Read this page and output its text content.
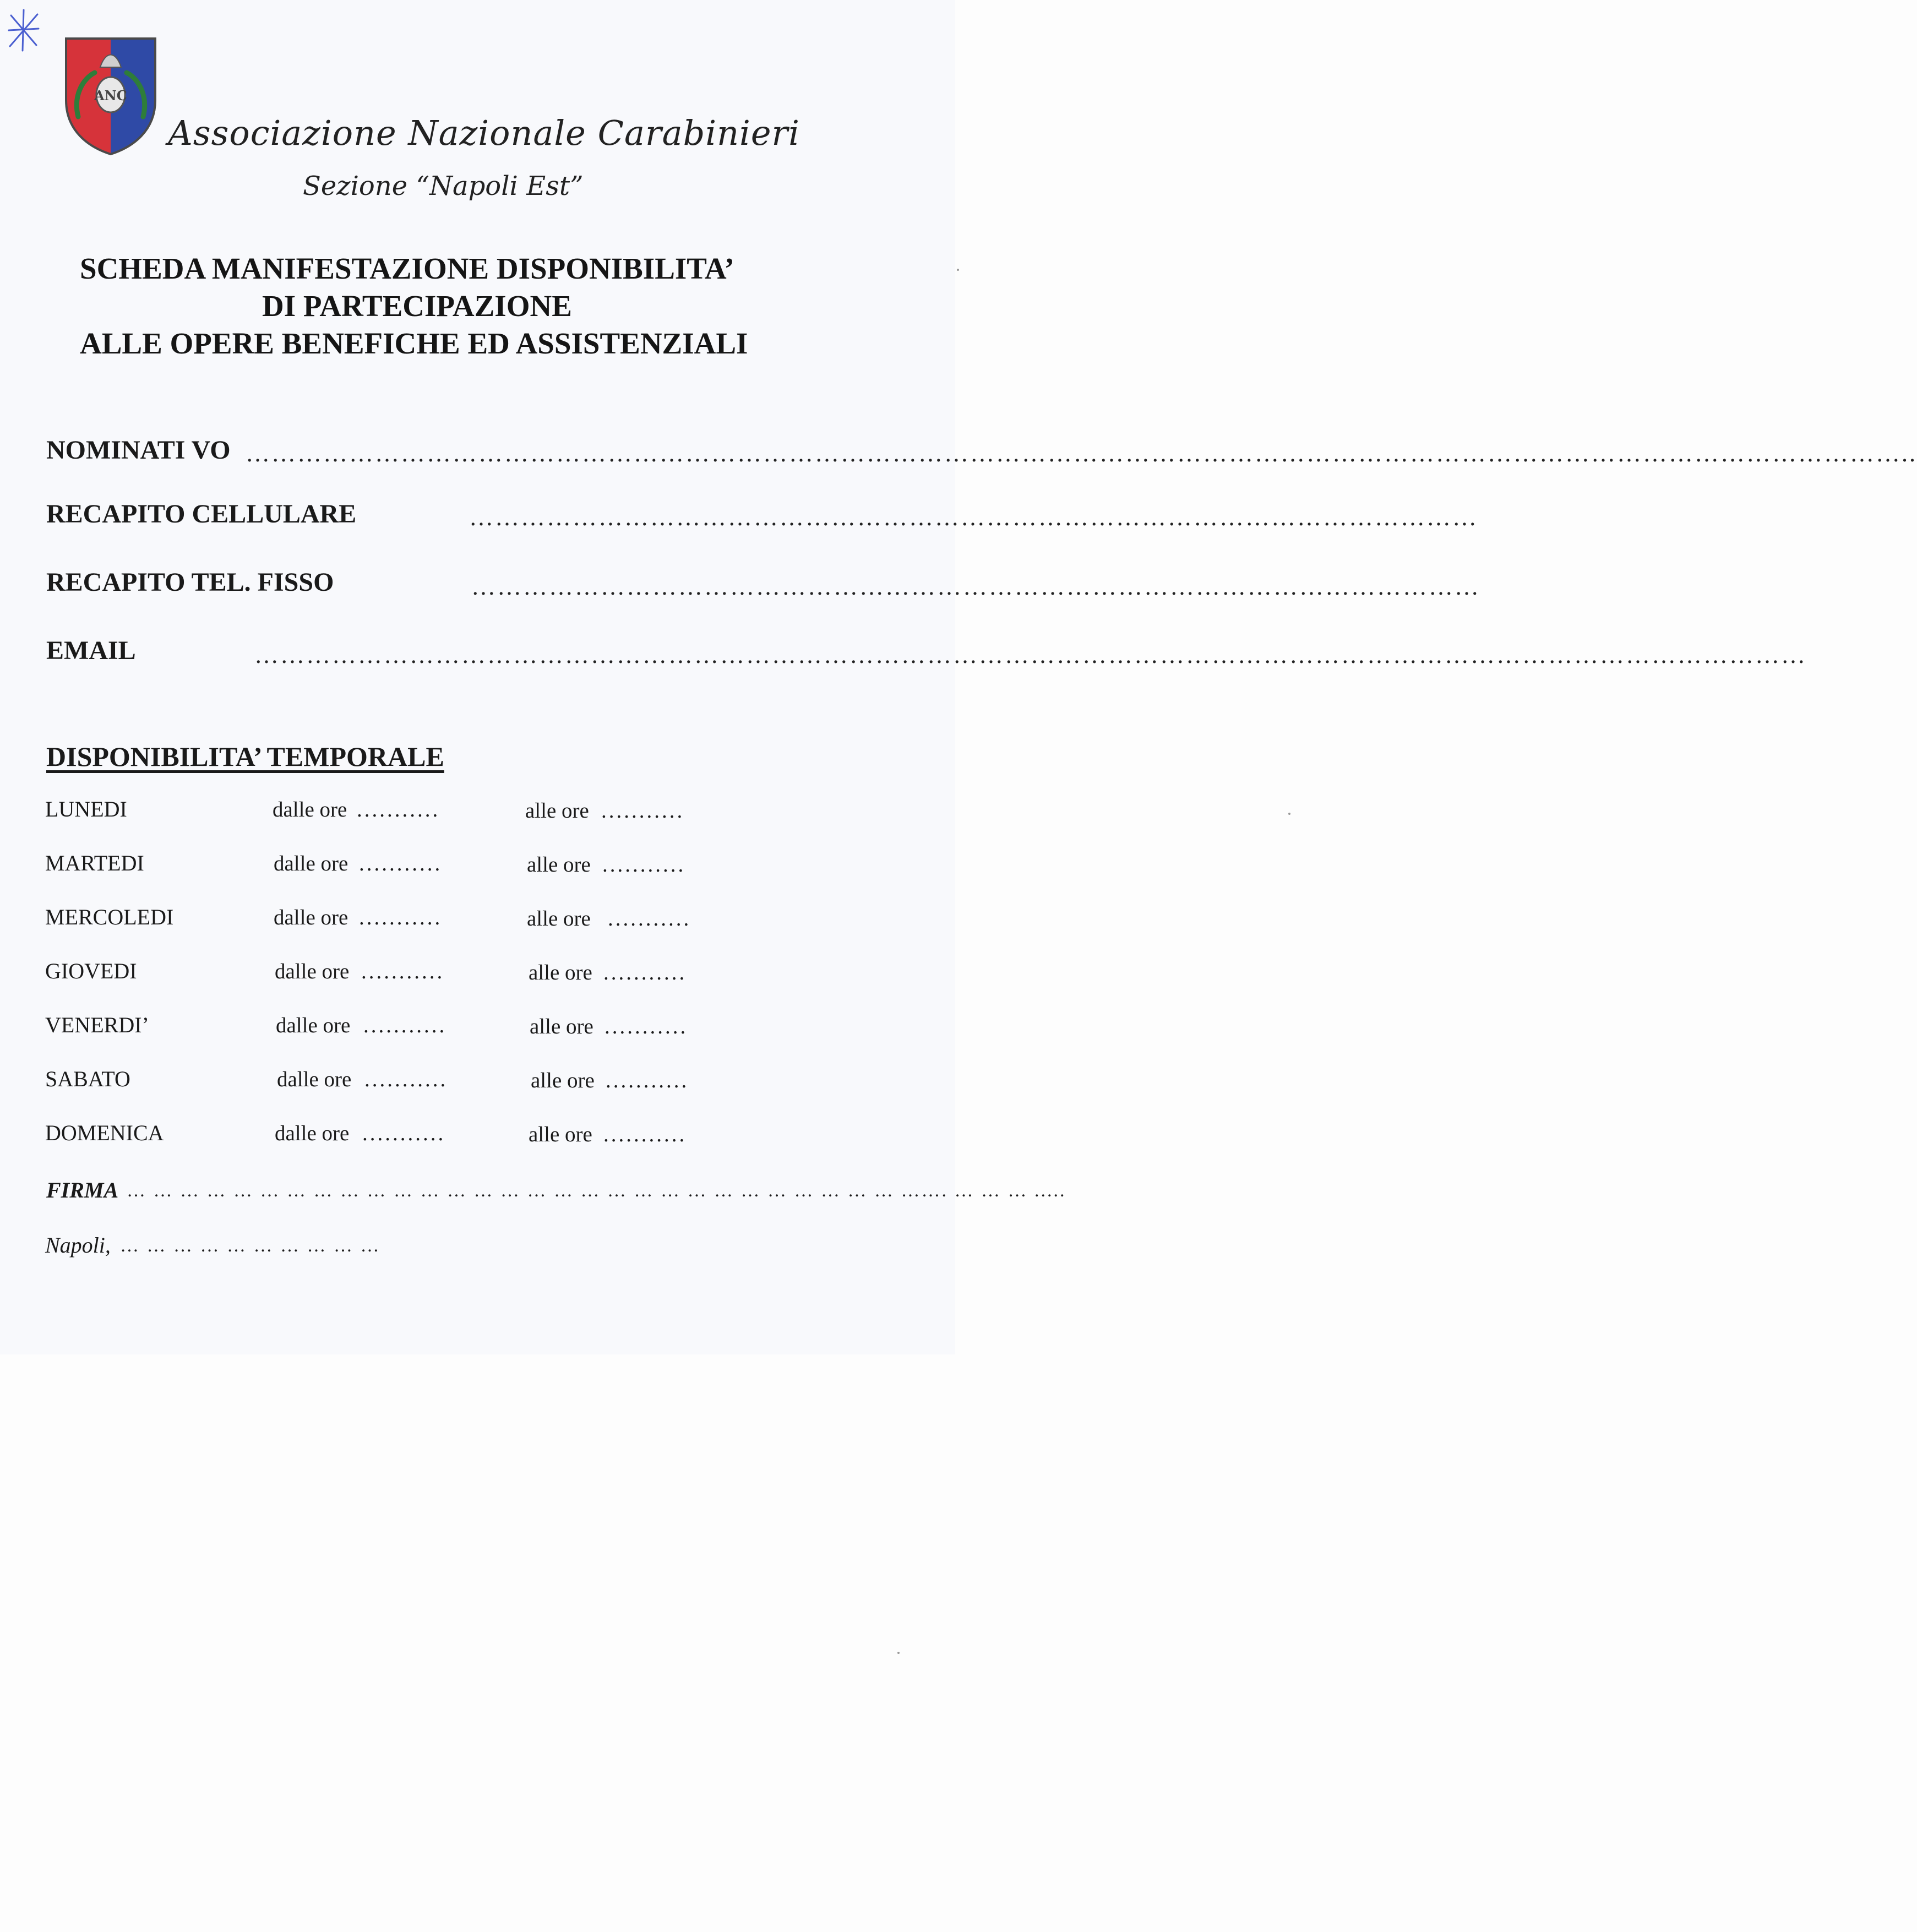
ANC
Associazione Nazionale Carabinieri
Sezione “Napoli Est”
SCHEDA MANIFESTAZIONE DISPONIBILITA’
DI PARTECIPAZIONE
ALLE OPERE BENEFICHE ED ASSISTENZIALI
NOMINATI VO …………………………………………………………………………………………………………………………………………………………………………..
RECAPITO CELLULARE	………………………………………………………………………………………………………
RECAPITO TEL. FISSO	………………………………………………………………………………………………………
EMAIL	………………………………………………………………………………………………………………………………………………………………
DISPONIBILITA’ TEMPORALE
LUNEDI	dalle ore ...........	alle ore ...........
MARTEDI	dalle ore ...........	alle ore ...........
MERCOLEDI	dalle ore ...........	alle ore ...........
GIOVEDI	dalle ore ...........	alle ore ...........
VENERDI’	dalle ore ...........	alle ore ...........
SABATO	dalle ore ...........	alle ore ...........
DOMENICA	dalle ore ...........	alle ore ...........
FIRMA … … … … … … … … … … … … … … … … … … … … … … … … … … … … … ……. … … … .....
Napoli, … … … … … … … … … …
